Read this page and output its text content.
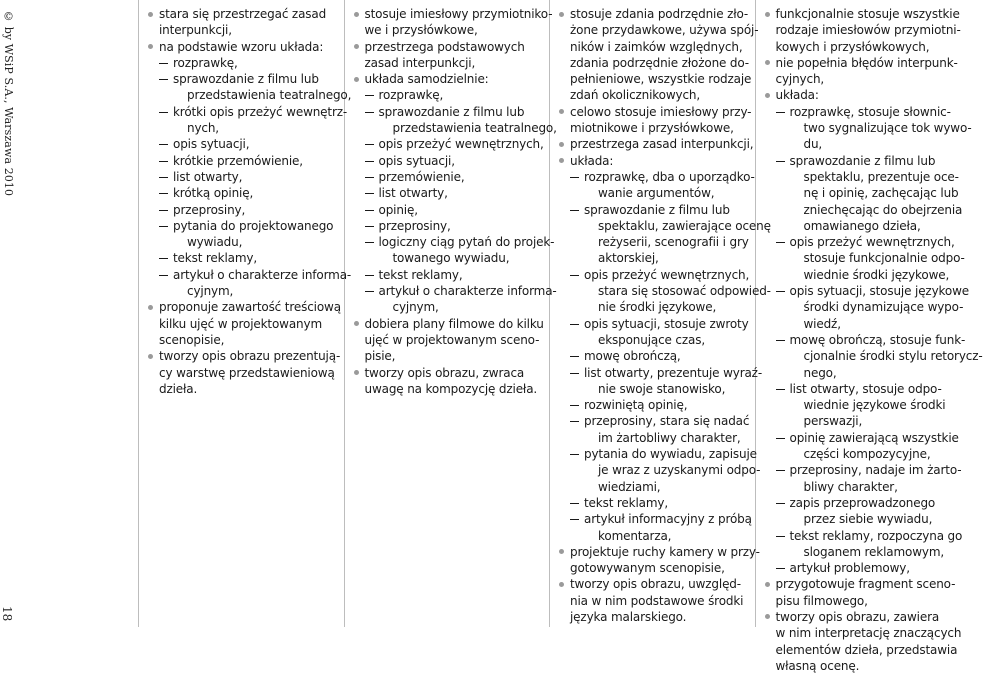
© by WSiP S.A., Warszawa 2010
18
stara się przestrzegać zasad
interpunkcji,
na podstawie wzoru układa:
rozprawkę,
sprawozdanie z filmu lub
przedstawienia teatralnego,
krótki opis przeżyć wewnętrz-
nych,
opis sytuacji,
krótkie przemówienie,
list otwarty,
krótką opinię,
przeprosiny,
pytania do projektowanego
wywiadu,
tekst reklamy,
artykuł o charakterze informa-
cyjnym,
proponuje zawartość treściową
kilku ujęć w projektowanym
scenopisie,
tworzy opis obrazu prezentują-
cy warstwę przedstawieniową
dzieła.
stosuje imiesłowy przymiotniko-
we i przysłówkowe,
przestrzega podstawowych
zasad interpunkcji,
układa samodzielnie:
rozprawkę,
sprawozdanie z filmu lub
przedstawienia teatralnego,
opis przeżyć wewnętrznych,
opis sytuacji,
przemówienie,
list otwarty,
opinię,
przeprosiny,
logiczny ciąg pytań do projek-
towanego wywiadu,
tekst reklamy,
artykuł o charakterze informa-
cyjnym,
dobiera plany filmowe do kilku
ujęć w projektowanym sceno-
pisie,
tworzy opis obrazu, zwraca
uwagę na kompozycję dzieła.
stosuje zdania podrzędnie zło-
żone przydawkowe, używa spój-
ników i zaimków względnych,
zdania podrzędnie złożone do-
pełnieniowe, wszystkie rodzaje
zdań okolicznikowych,
celowo stosuje imiesłowy przy-
miotnikowe i przysłówkowe,
przestrzega zasad interpunkcji,
układa:
rozprawkę, dba o uporządko-
wanie argumentów,
sprawozdanie z filmu lub
spektaklu, zawierające ocenę
reżyserii, scenografii i gry
aktorskiej,
opis przeżyć wewnętrznych,
stara się stosować odpowied-
nie środki językowe,
opis sytuacji, stosuje zwroty
eksponujące czas,
mowę obrończą,
list otwarty, prezentuje wyraź-
nie swoje stanowisko,
rozwiniętą opinię,
przeprosiny, stara się nadać
im żartobliwy charakter,
pytania do wywiadu, zapisuje
je wraz z uzyskanymi odpo-
wiedziami,
tekst reklamy,
artykuł informacyjny z próbą
komentarza,
projektuje ruchy kamery w przy-
gotowywanym scenopisie,
tworzy opis obrazu, uwzględ-
nia w nim podstawowe środki
języka malarskiego.
funkcjonalnie stosuje wszystkie
rodzaje imiesłowów przymiotni-
kowych i przysłówkowych,
nie popełnia błędów interpunk-
cyjnych,
układa:
rozprawkę, stosuje słownic-
two sygnalizujące tok wywo-
du,
sprawozdanie z filmu lub
spektaklu, prezentuje oce-
nę i opinię, zachęcając lub
zniechęcając do obejrzenia
omawianego dzieła,
opis przeżyć wewnętrznych,
stosuje funkcjonalnie odpo-
wiednie środki językowe,
opis sytuacji, stosuje językowe
środki dynamizujące wypo-
wiedź,
mowę obrończą, stosuje funk-
cjonalnie środki stylu retorycz-
nego,
list otwarty, stosuje odpo-
wiednie językowe środki
perswazji,
opinię zawierającą wszystkie
części kompozycyjne,
przeprosiny, nadaje im żarto-
bliwy charakter,
zapis przeprowadzonego
przez siebie wywiadu,
tekst reklamy, rozpoczyna go
sloganem reklamowym,
artykuł problemowy,
przygotowuje fragment sceno-
pisu filmowego,
tworzy opis obrazu, zawiera
w nim interpretację znaczących
elementów dzieła, przedstawia
własną ocenę.
